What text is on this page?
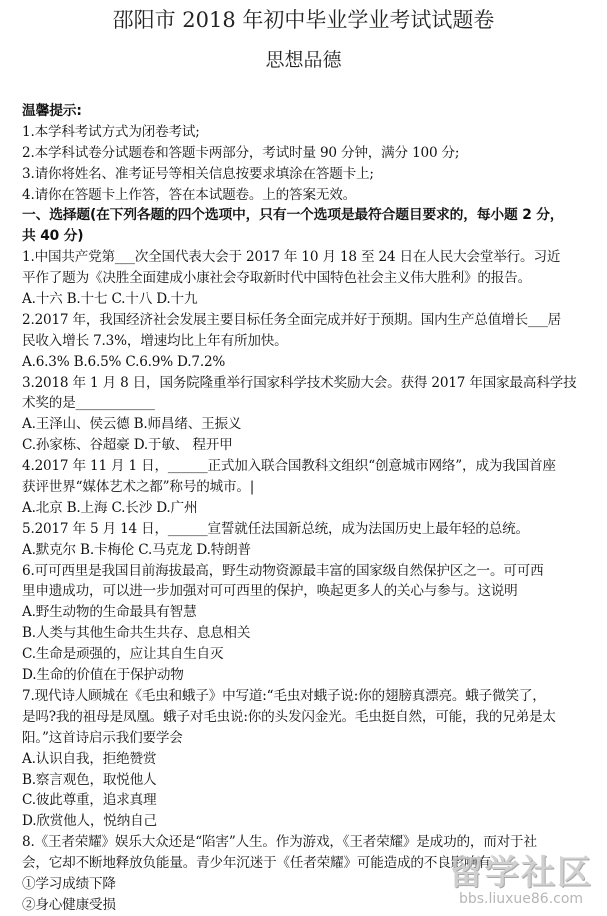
邵阳市 2018 年初中毕业学业考试试题卷
思想品德
温馨提示:
1.本学科考试方式为闭卷考试;
2.本学科试卷分试题卷和答题卡两部分，考试时量 90 分钟，满分 100 分;
3.请你将姓名、准考证号等相关信息按要求填涂在答题卡上;
4.请你在答题卡上作答，答在本试题卷。上的答案无效。
一、选择题(在下列各题的四个选项中，只有一个选项是最符合题目要求的，每小题 2 分，
共 40 分)
1.中国共产党第___次全国代表大会于 2017 年 10 月 18 至 24 日在人民大会堂举行。习近
平作了题为《决胜全面建成小康社会夺取新时代中国特色社会主义伟大胜利》的报告。
A.十六 B.十七 C.十八 D.十九
2.2017 年，我国经济社会发展主要目标任务全面完成并好于预期。国内生产总值增长___居
民收入增长 7.3%，增速均比上年有所加快。
A.6.3% B.6.5% C.6.9% D.7.2%
3.2018 年 1 月 8 日，国务院隆重举行国家科学技术奖励大会。获得 2017 年国家最高科学技
术奖的是____________
A.王泽山、侯云德 B.师昌绪、王振义
C.孙家栋、谷超豪 D.于敏、 程开甲
4.2017 年 11 月 1 日，______正式加入联合国教科文组织“创意城市网络”，成为我国首座
获评世界“媒体艺术之都”称号的城市。|
A.北京 B.上海 C.长沙 D.广州
5.2017 年 5 月 14 日，______宣誓就任法国新总统，成为法国历史上最年轻的总统。
A.默克尔 B.卡梅伦 C.马克龙 D.特朗普
6.可可西里是我国目前海拔最高，野生动物资源最丰富的国家级自然保护区之一。可可西
里申遗成功，可以进一步加强对可可西里的保护，唤起更多人的关心与参与。这说明
A.野生动物的生命最具有智慧
B.人类与其他生命共生共存、息息相关
C.生命是顽强的，应让其自生自灭
D.生命的价值在于保护动物
7.现代诗人顾城在《毛虫和蛾子》中写道:“毛虫对蛾子说:你的翅膀真漂亮。蛾子微笑了，
是吗?我的祖母是凤凰。蛾子对毛虫说:你的头发闪金光。毛虫挺自然，可能，我的兄弟是太
阳。”这首诗启示我们要学会
A.认识自我，拒绝赞赏
B.察言观色，取悦他人
C.彼此尊重，追求真理
D.欣赏他人，悦纳自己
8.《王者荣耀》娱乐大众还是“陷害”人生。作为游戏，《王者荣耀》是成功的，而对于社
会，它却不断地释放负能量。青少年沉迷于《任者荣耀》可能造成的不良影响有
①学习成绩下降
②身心健康受损
留学社区
bbs.liuxue86.com
